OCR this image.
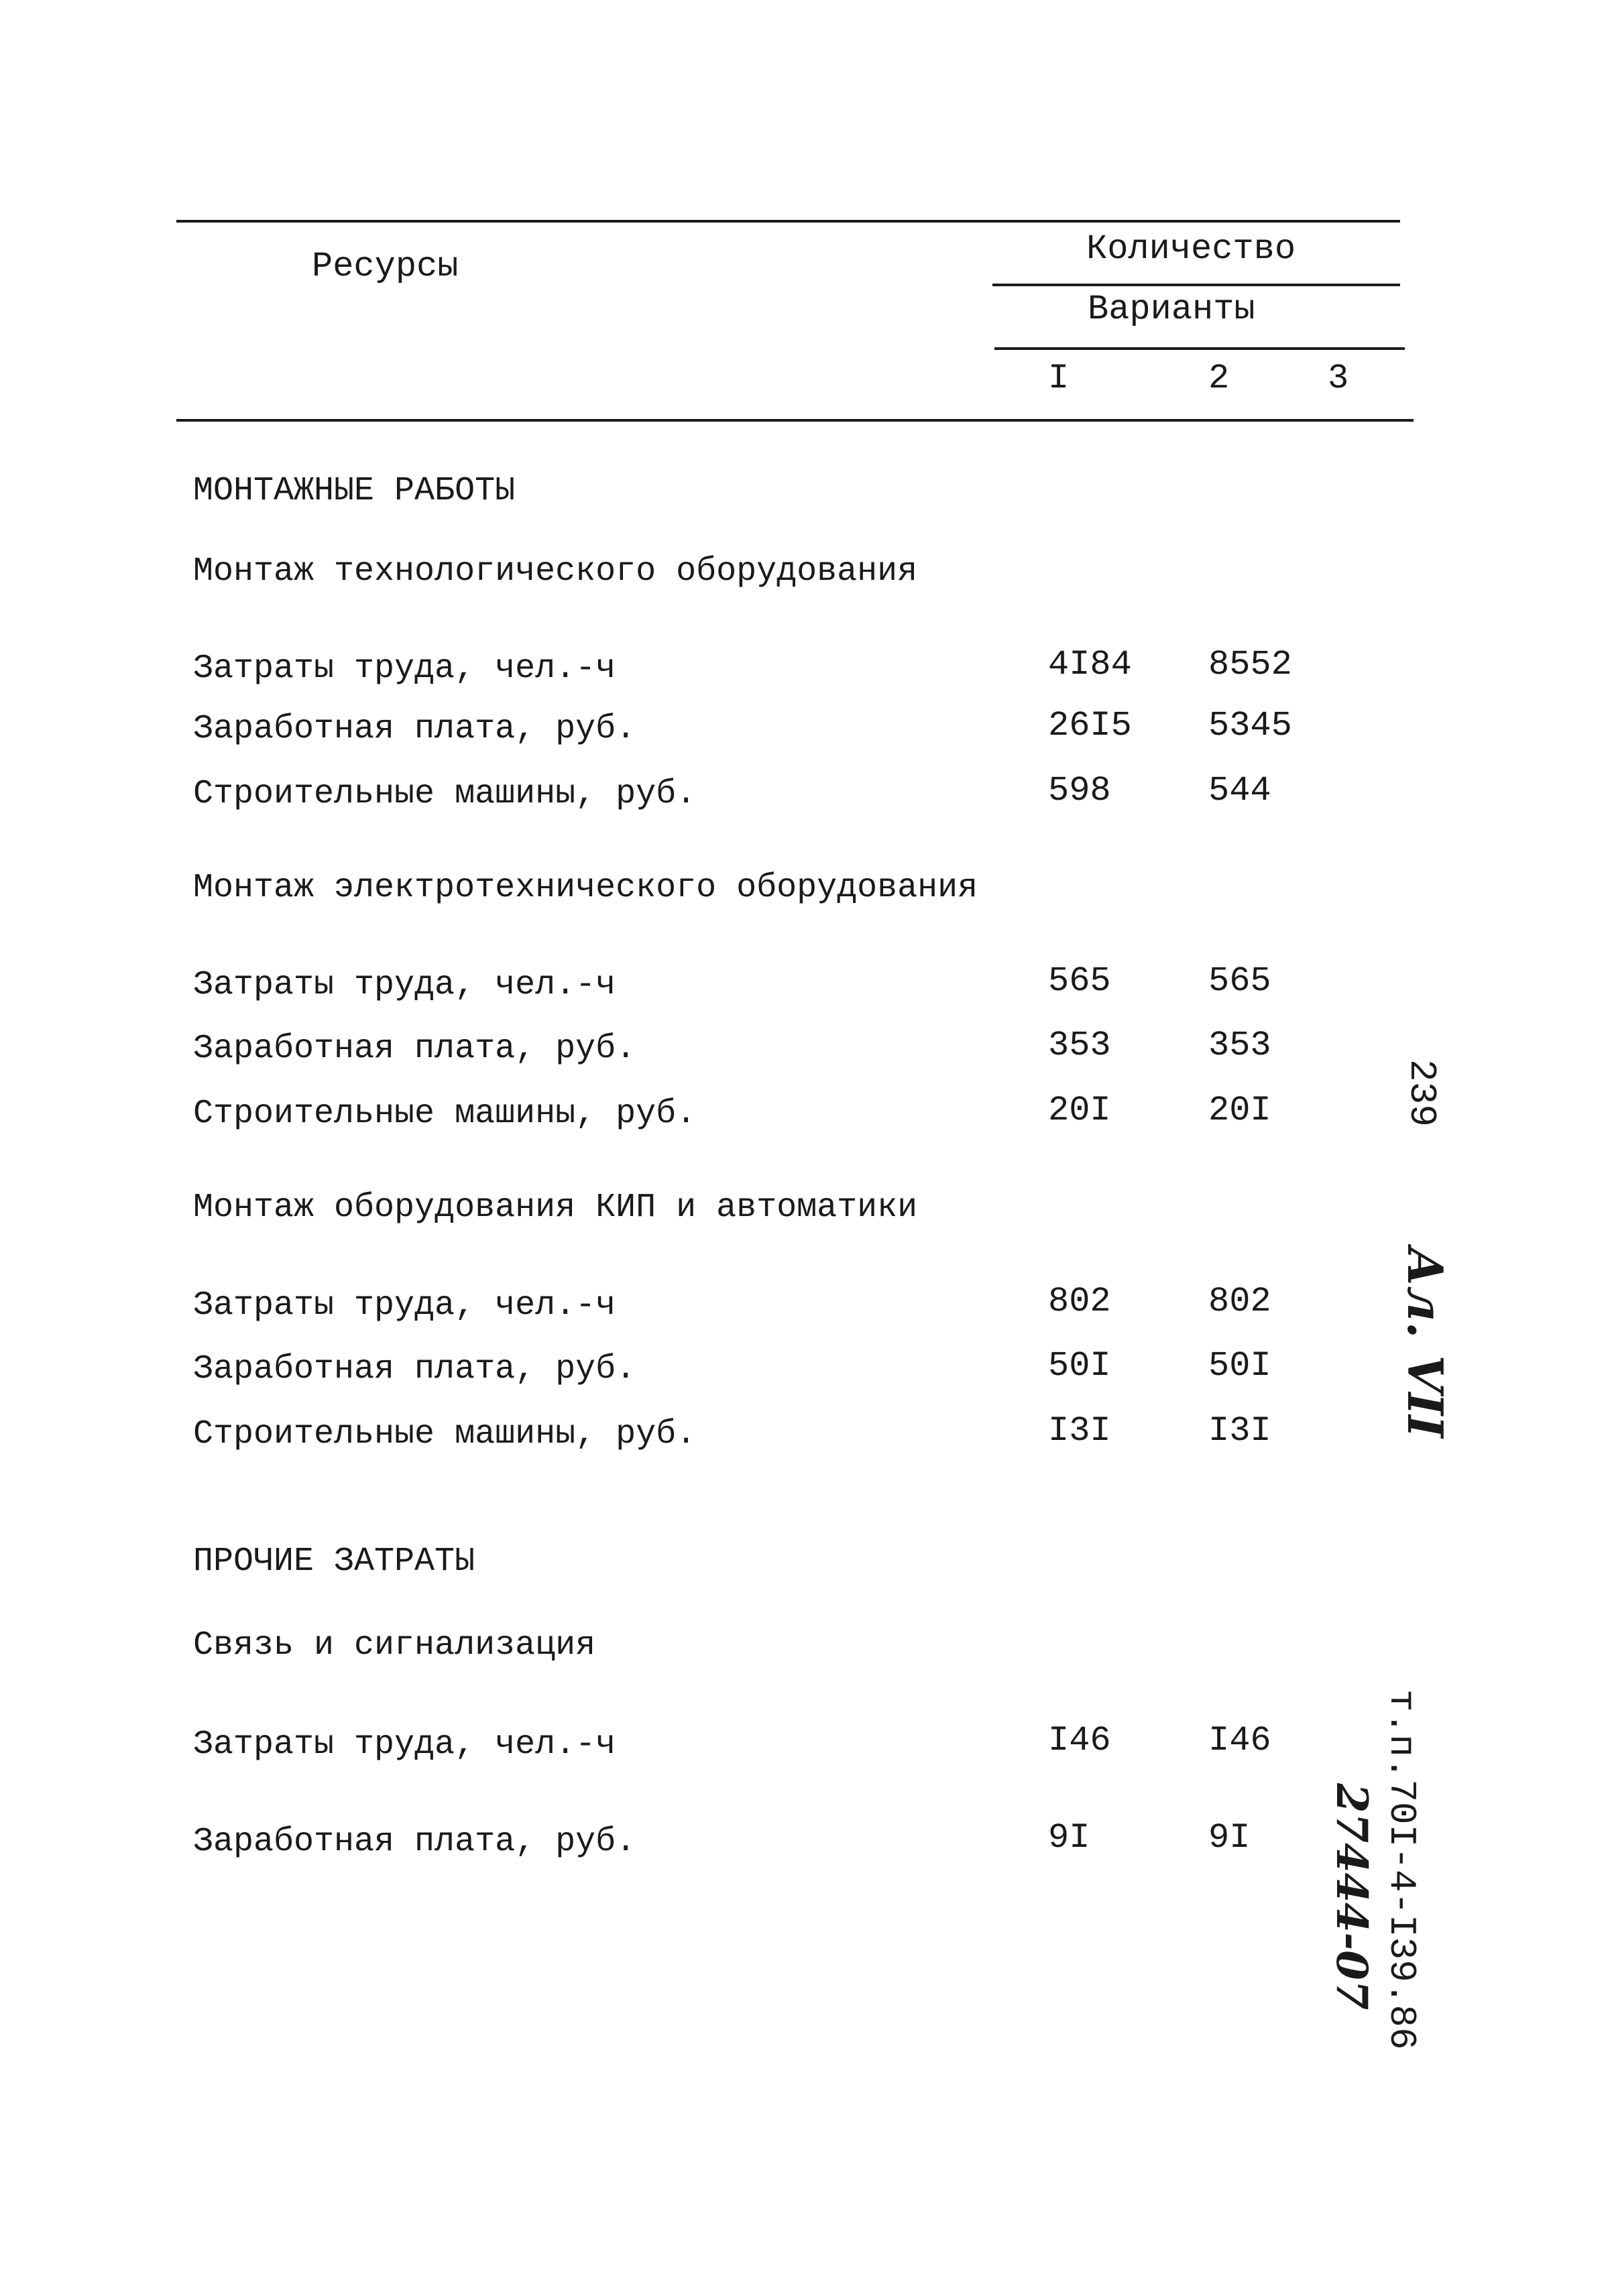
Ресурсы	Количество
Варианты
I	2	3
МОНТАЖНЫЕ РАБОТЫ
Монтаж технологического оборудования
Затраты труда, чел.-ч	4I84 8552
Заработная плата, руб.	26I5 5345
Строительные машины, руб.	598	544
Монтаж электротехнического оборудования
Затраты труда, чел.-ч	565	565
Заработная плата, руб.	353	353
Строительные машины, руб.	20I	20I
Монтаж оборудования КИП и автоматики
Затраты труда, чел.-ч	802	802
Заработная плата, руб.	50I	50I
Строительные машины, руб.	I3I	I3I
ПРОЧИЕ ЗАТРАТЫ
Связь и сигнализация
Затраты труда, чел.-ч	I46	I46
Заработная плата, руб.	9I	9I
239
Ал. VII
т.п.70I-4-I39.86
27444-07
